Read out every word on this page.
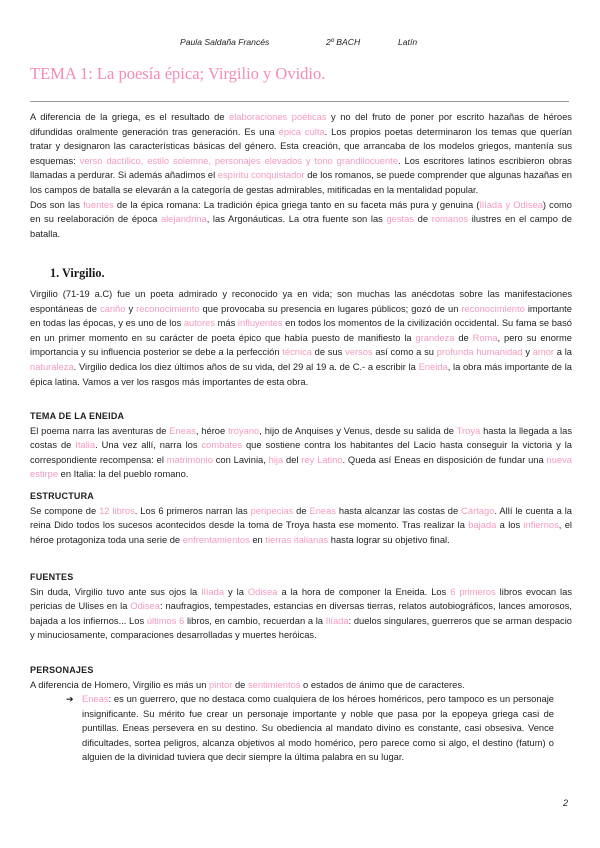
Paula Saldaña Francés	2º BACH	Latín
TEMA 1: La poesía épica; Virgilio y Ovidio.

A diferencia de la griega, es el resultado de elaboraciones poéticas y no del fruto de poner por escrito hazañas de héroes difundidas oralmente generación tras generación. Es una épica culta. Los propios poetas determinaron los temas que querían tratar y designaron las características básicas del género. Esta creación, que arrancaba de los modelos griegos, mantenía sus esquemas: verso dactílico, estilo solemne, personajes elevados y tono grandilocuente. Los escritores latinos escribieron obras llamadas a perdurar. Si además añadimos el espíritu conquistador de los romanos, se puede comprender que algunas hazañas en los campos de batalla se elevarán a la categoría de gestas admirables, mitificadas en la mentalidad popular.

Dos son las fuentes de la épica romana: La tradición épica griega tanto en su faceta más pura y genuina (Ilíada y Odisea) como en su reelaboración de época alejandrina, las Argonáuticas. La otra fuente son las gestas de romanos ilustres en el campo de batalla.

1. Virgilio.

Virgilio (71-19 a.C) fue un poeta admirado y reconocido ya en vida; son muchas las anécdotas sobre las manifestaciones espontáneas de cariño y reconocimiento que provocaba su presencia en lugares públicos; gozó de un reconocimiento importante en todas las épocas, y es uno de los autores más influyentes en todos los momentos de la civilización occidental. Su fama se basó en un primer momento en su carácter de poeta épico que había puesto de manifiesto la grandeza de Roma, pero su enorme importancia y su influencia posterior se debe a la perfección técnica de sus versos así como a su profunda humanidad y amor a la naturaleza. Virgilio dedica los diez últimos años de su vida, del 29 al 19 a. de C.- a escribir la Eneida, la obra más importante de la épica latina. Vamos a ver los rasgos más importantes de esta obra.

TEMA DE LA ENEIDA

El poema narra las aventuras de Eneas, héroe troyano, hijo de Anquises y Venus, desde su salida de Troya hasta la llegada a las costas de Italia. Una vez allí, narra los combates que sostiene contra los habitantes del Lacio hasta conseguir la victoria y la correspondiente recompensa: el matrimonio con Lavinia, hija del rey Latino. Queda así Eneas en disposición de fundar una nueva estirpe en Italia: la del pueblo romano.

ESTRUCTURA

Se compone de 12 libros. Los 6 primeros narran las peripecias de Eneas hasta alcanzar las costas de Cártago. Allí le cuenta a la reina Dido todos los sucesos acontecidos desde la toma de Troya hasta ese momento. Tras realizar la bajada a los infiernos, el héroe protagoniza toda una serie de enfrentamientos en tierras italianas hasta lograr su objetivo final.

FUENTES

Sin duda, Virgilio tuvo ante sus ojos la Ilíada y la Odisea a la hora de componer la Eneida. Los 6 primeros libros evocan las pericias de Ulises en la Odisea: naufragios, tempestades, estancias en diversas tierras, relatos autobiográficos, lances amorosos, bajada a los infiernos... Los últimos 6 libros, en cambio, recuerdan a la Ilíada: duelos singulares, guerreros que se arman despacio y minuciosamente, comparaciones desarrolladas y muertes heróicas.

PERSONAJES

A diferencia de Homero, Virgilio es más un pintor de sentimientos o estados de ánimo que de caracteres.

➔ Eneas: es un guerrero, que no destaca como cualquiera de los héroes homéricos, pero tampoco es un personaje insignificante. Su mérito fue crear un personaje importante y noble que pasa por la epopeya griega casi de puntillas. Eneas persevera en su destino. Su obediencia al mandato divino es constante, casi obsesiva. Vence dificultades, sortea peligros, alcanza objetivos al modo homérico, pero parece como si algo, el destino (fatum) o alguien de la divinidad tuviera que decir siempre la última palabra en su lugar.
2
